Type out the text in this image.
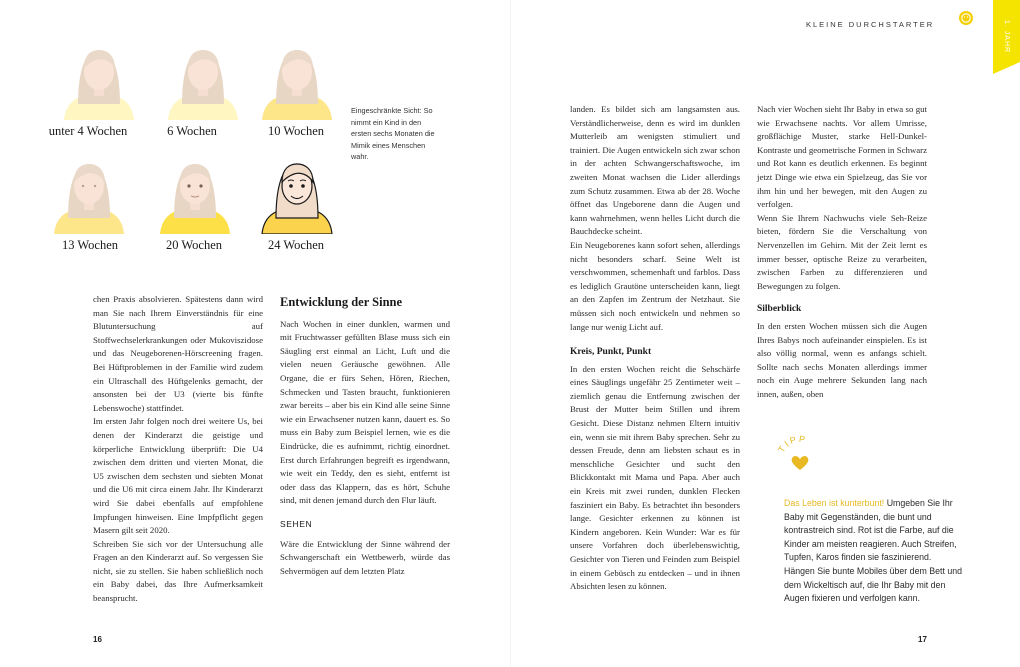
unter 4 Wochen	6 Wochen	10 Wochen
13 Wochen	20 Wochen	24 Wochen
Eingeschränkte Sicht: So nimmt ein Kind in den ersten sechs Monaten die Mimik eines Menschen wahr.

chen Praxis absolvieren. Spätestens dann wird man Sie nach Ihrem Einverständnis für eine Blutuntersuchung auf Stoffwechselerkrankungen oder Mukoviszidose und das Neugeborenen-Hörscreening fragen. Bei Hüftproblemen in der Familie wird zudem ein Ultraschall des Hüftgelenks gemacht, der ansonsten bei der U3 (vierte bis fünfte Lebenswoche) stattfindet.

Im ersten Jahr folgen noch drei weitere Us, bei denen der Kinderarzt die geistige und körperliche Entwicklung überprüft: Die U4 zwischen dem dritten und vierten Monat, die U5 zwischen dem sechsten und siebten Monat und die U6 mit circa einem Jahr. Ihr Kinderarzt wird Sie dabei ebenfalls auf empfohlene Impfungen hinweisen. Eine Impfpflicht gegen Masern gilt seit 2020.

Schreiben Sie sich vor der Untersuchung alle Fragen an den Kinderarzt auf. So vergessen Sie nicht, sie zu stellen. Sie haben schließlich noch ein Baby dabei, das Ihre Aufmerksamkeit beansprucht.

Entwicklung der Sinne

Nach Wochen in einer dunklen, warmen und mit Fruchtwasser gefüllten Blase muss sich ein Säugling erst einmal an Licht, Luft und die vielen neuen Geräusche gewöhnen. Alle Organe, die er fürs Sehen, Hören, Riechen, Schmecken und Tasten braucht, funktionieren zwar bereits – aber bis ein Kind alle seine Sinne wie ein Erwachsener nutzen kann, dauert es. So muss ein Baby zum Beispiel lernen, wie es die Eindrücke, die es aufnimmt, richtig einordnet. Erst durch Erfahrungen begreift es irgendwann, wie weit ein Teddy, den es sieht, entfernt ist oder dass das Klappern, das es hört, Schuhe sind, mit denen jemand durch den Flur läuft.

SEHEN

Wäre die Entwicklung der Sinne während der Schwangerschaft ein Wettbewerb, würde das Sehvermögen auf dem letzten Platz

16
KLEINE DURCHSTARTER	1. JAHR

landen. Es bildet sich am langsamsten aus. Verständlicherweise, denn es wird im dunklen Mutterleib am wenigsten stimuliert und trainiert. Die Augen entwickeln sich zwar schon in der achten Schwangerschaftswoche, im zweiten Monat wachsen die Lider allerdings zum Schutz zusammen. Etwa ab der 28. Woche öffnet das Ungeborene dann die Augen und kann wahrnehmen, wenn helles Licht durch die Bauchdecke scheint.

Ein Neugeborenes kann sofort sehen, allerdings nicht besonders scharf. Seine Welt ist verschwommen, schemenhaft und farblos. Dass es lediglich Grautöne unterscheiden kann, liegt an den Zapfen im Zentrum der Netzhaut. Sie müssen sich noch entwickeln und nehmen so lange nur wenig Licht auf.

Kreis, Punkt, Punkt

In den ersten Wochen reicht die Sehschärfe eines Säuglings ungefähr 25 Zentimeter weit – ziemlich genau die Entfernung zwischen der Brust der Mutter beim Stillen und ihrem Gesicht. Diese Distanz nehmen Eltern intuitiv ein, wenn sie mit ihrem Baby sprechen. Sehr zu dessen Freude, denn am liebsten schaut es in menschliche Gesichter und sucht den Blickkontakt mit Mama und Papa. Aber auch ein Kreis mit zwei runden, dunklen Flecken fasziniert ein Baby. Es betrachtet ihn besonders lange. Gesichter erkennen zu können ist Kindern angeboren. Kein Wunder: War es für unsere Vorfahren doch überlebenswichtig, Gesichter von Tieren und Feinden zum Beispiel in einem Gebüsch zu entdecken – und in ihnen Absichten lesen zu können.

Nach vier Wochen sieht Ihr Baby in etwa so gut wie Erwachsene nachts. Vor allem Umrisse, großflächige Muster, starke Hell-Dunkel-Kontraste und geometrische Formen in Schwarz und Rot kann es deutlich erkennen. Es beginnt jetzt Dinge wie etwa ein Spielzeug, das Sie vor ihm hin und her bewegen, mit den Augen zu verfolgen.

Wenn Sie Ihrem Nachwuchs viele Seh-Reize bieten, fördern Sie die Verschaltung von Nervenzellen im Gehirn. Mit der Zeit lernt es immer besser, optische Reize zu verarbeiten, zwischen Farben zu differenzieren und Bewegungen zu folgen.

Silberblick

In den ersten Wochen müssen sich die Augen Ihres Babys noch aufeinander einspielen. Es ist also völlig normal, wenn es anfangs schielt. Sollte nach sechs Monaten allerdings immer noch ein Auge mehrere Sekunden lang nach innen, außen, oben

TIPP
Das Leben ist kunterbunt! Umgeben Sie Ihr Baby mit Gegenständen, die bunt und kontrastreich sind. Rot ist die Farbe, auf die Kinder am meisten reagieren. Auch Streifen, Tupfen, Karos finden sie faszinierend. Hängen Sie bunte Mobiles über dem Bett und dem Wickeltisch auf, die Ihr Baby mit den Augen fixieren und verfolgen kann.
17
